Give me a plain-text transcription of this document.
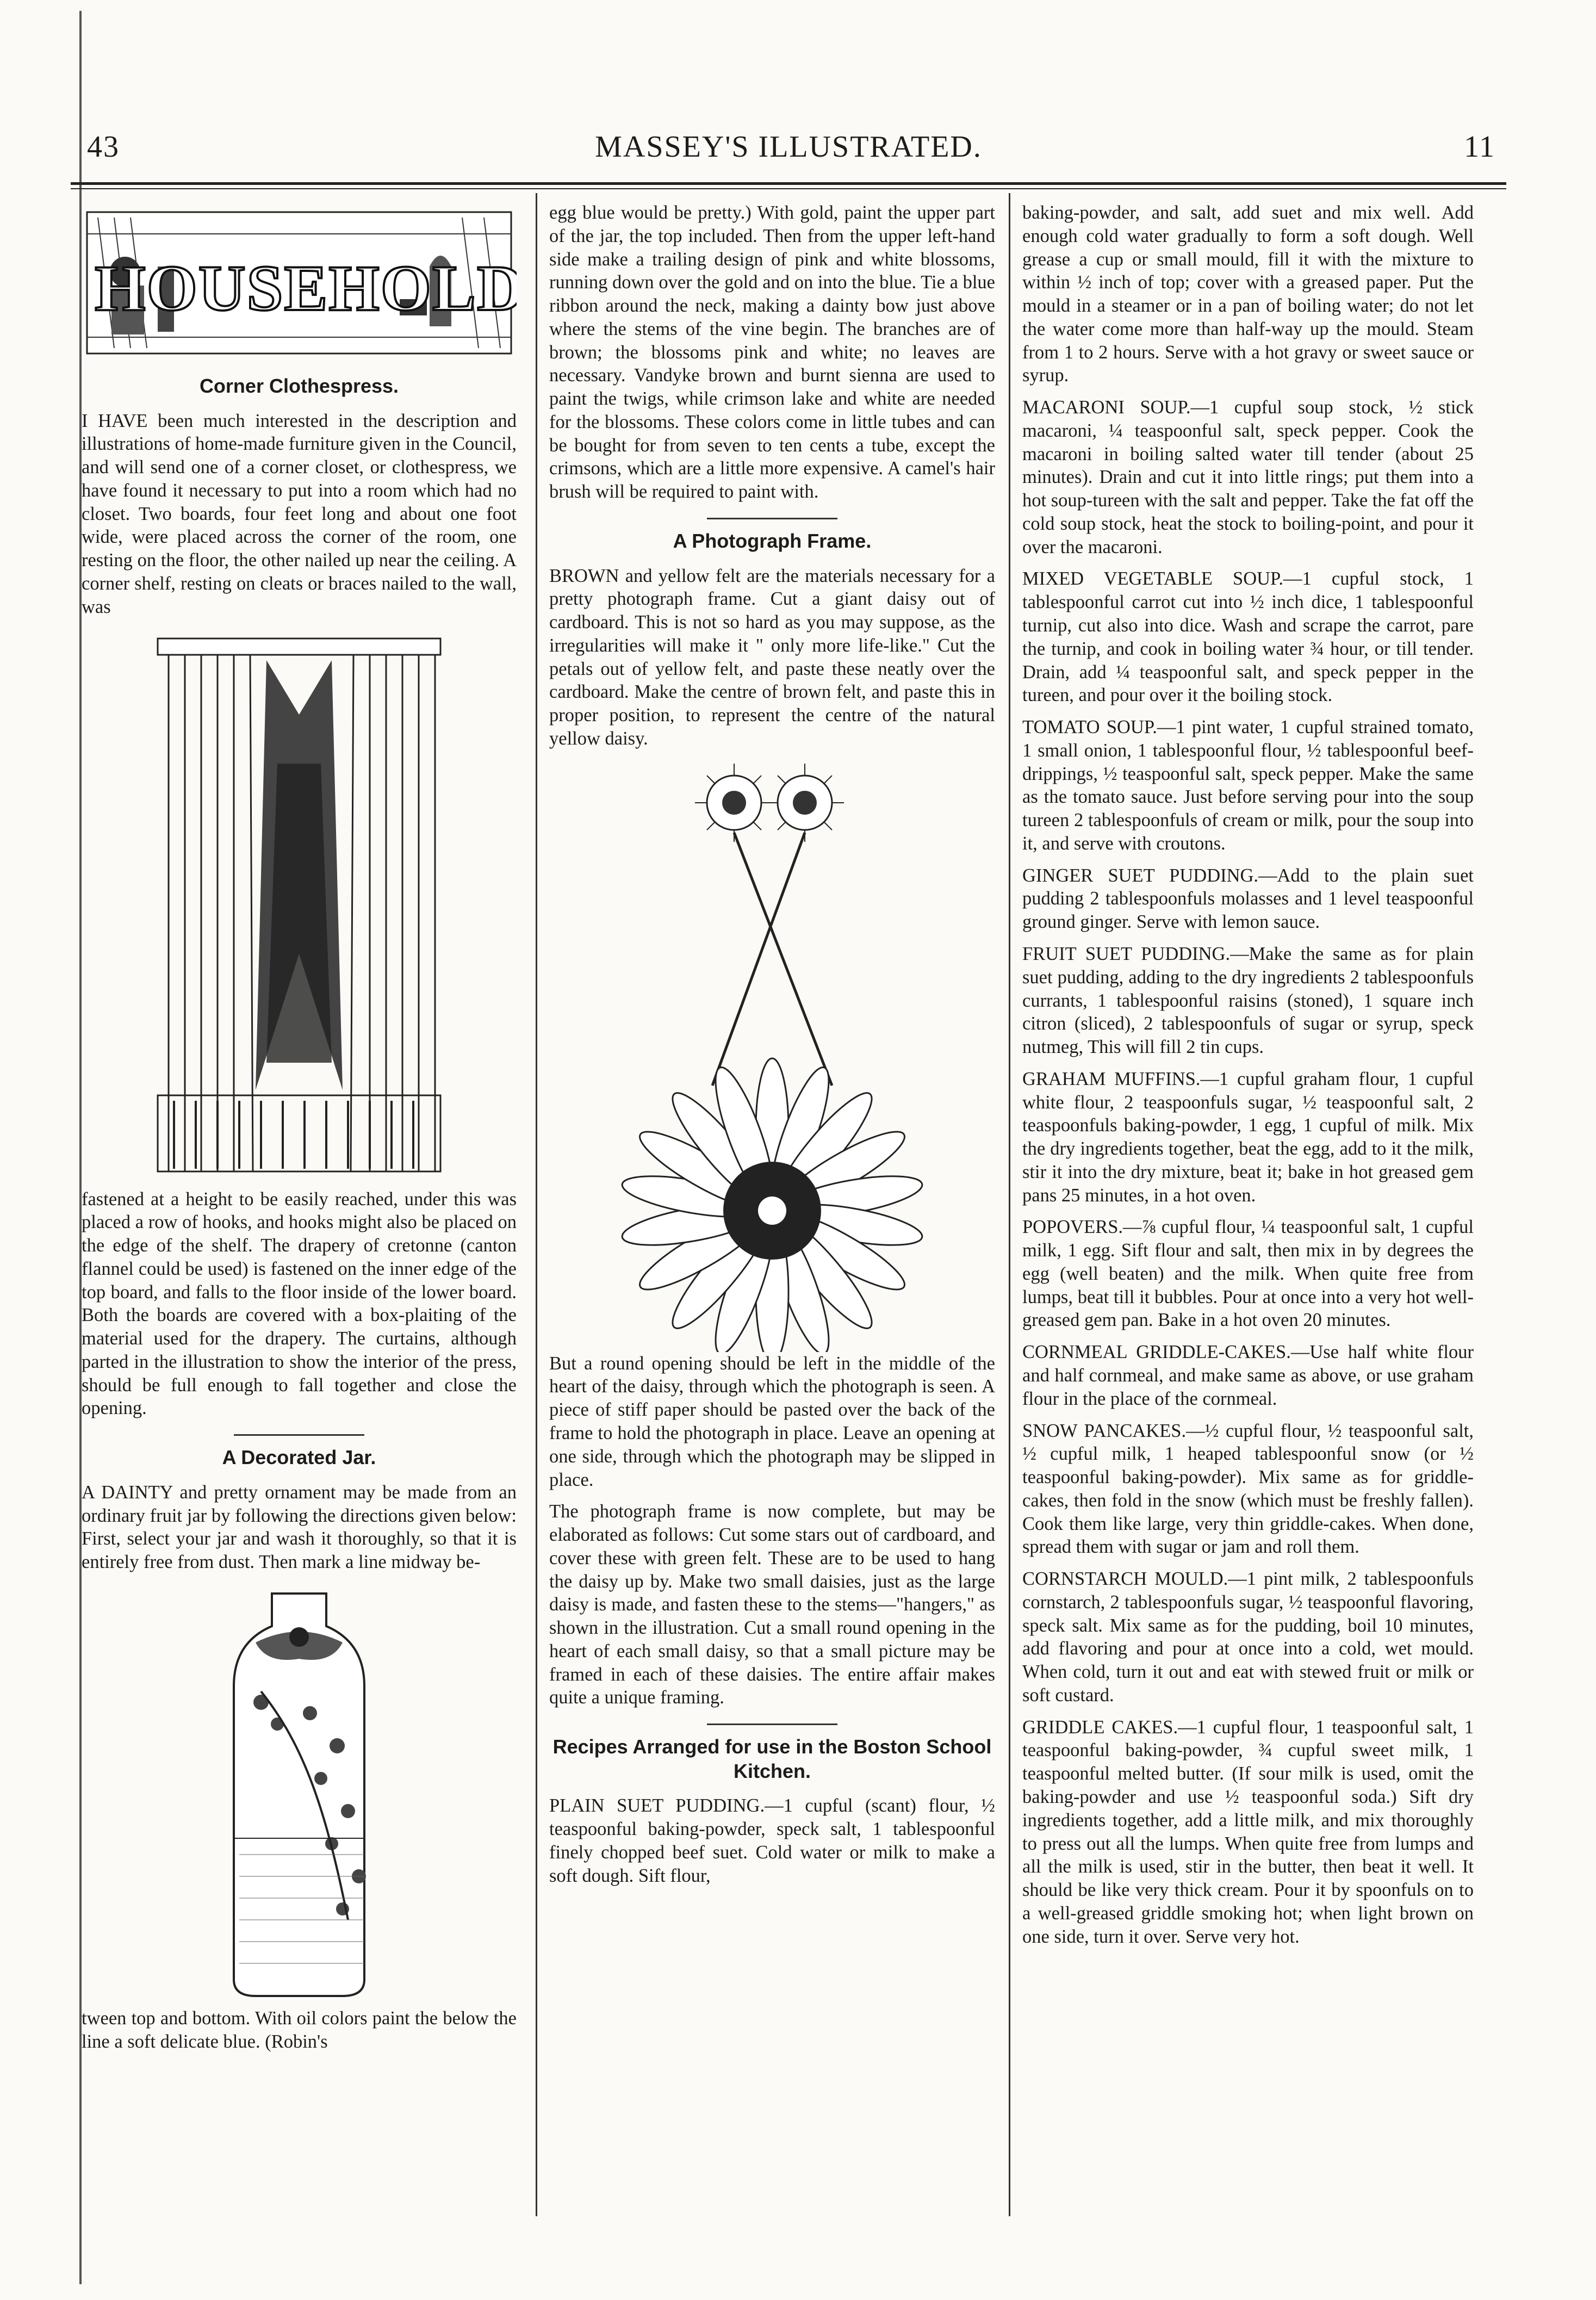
43	MASSEY'S ILLUSTRATED.	11
HOUSEHOLD
Corner Clothespress.

I HAVE been much interested in the description and illustrations of home-made furniture given in the Council, and will send one of a corner closet, or clothespress, we have found it necessary to put into a room which had no closet. Two boards, four feet long and about one foot wide, were placed across the corner of the room, one resting on the floor, the other nailed up near the ceiling. A corner shelf, resting on cleats or braces nailed to the wall, was

fastened at a height to be easily reached, under this was placed a row of hooks, and hooks might also be placed on the edge of the shelf. The drapery of cretonne (canton flannel could be used) is fastened on the inner edge of the top board, and falls to the floor inside of the lower board. Both the boards are covered with a box-plaiting of the material used for the drapery. The curtains, although parted in the illustration to show the interior of the press, should be full enough to fall together and close the opening.

A Decorated Jar.

A DAINTY and pretty ornament may be made from an ordinary fruit jar by following the directions given below: First, select your jar and wash it thoroughly, so that it is entirely free from dust. Then mark a line midway be-

tween top and bottom. With oil colors paint the below the line a soft delicate blue. (Robin's

egg blue would be pretty.) With gold, paint the upper part of the jar, the top included. Then from the upper left-hand side make a trailing design of pink and white blossoms, running down over the gold and on into the blue. Tie a blue ribbon around the neck, making a dainty bow just above where the stems of the vine begin. The branches are of brown; the blossoms pink and white; no leaves are necessary. Vandyke brown and burnt sienna are used to paint the twigs, while crimson lake and white are needed for the blossoms. These colors come in little tubes and can be bought for from seven to ten cents a tube, except the crimsons, which are a little more expensive. A camel's hair brush will be required to paint with.

A Photograph Frame.

BROWN and yellow felt are the materials necessary for a pretty photograph frame. Cut a giant daisy out of cardboard. This is not so hard as you may suppose, as the irregularities will make it " only more life-like." Cut the petals out of yellow felt, and paste these neatly over the cardboard. Make the centre of brown felt, and paste this in proper position, to represent the centre of the natural yellow daisy.

But a round opening should be left in the middle of the heart of the daisy, through which the photograph is seen. A piece of stiff paper should be pasted over the back of the frame to hold the photograph in place. Leave an opening at one side, through which the photograph may be slipped in place.

The photograph frame is now complete, but may be elaborated as follows: Cut some stars out of cardboard, and cover these with green felt. These are to be used to hang the daisy up by. Make two small daisies, just as the large daisy is made, and fasten these to the stems—"hangers," as shown in the illustration. Cut a small round opening in the heart of each small daisy, so that a small picture may be framed in each of these daisies. The entire affair makes quite a unique framing.

Recipes Arranged for use in the Boston School Kitchen.

PLAIN SUET PUDDING.—1 cupful (scant) flour, ½ teaspoonful baking-powder, speck salt, 1 tablespoonful finely chopped beef suet. Cold water or milk to make a soft dough. Sift flour,

baking-powder, and salt, add suet and mix well. Add enough cold water gradually to form a soft dough. Well grease a cup or small mould, fill it with the mixture to within ½ inch of top; cover with a greased paper. Put the mould in a steamer or in a pan of boiling water; do not let the water come more than half-way up the mould. Steam from 1 to 2 hours. Serve with a hot gravy or sweet sauce or syrup.

MACARONI SOUP.—1 cupful soup stock, ½ stick macaroni, ¼ teaspoonful salt, speck pepper. Cook the macaroni in boiling salted water till tender (about 25 minutes). Drain and cut it into little rings; put them into a hot soup-tureen with the salt and pepper. Take the fat off the cold soup stock, heat the stock to boiling-point, and pour it over the macaroni.

MIXED VEGETABLE SOUP.—1 cupful stock, 1 tablespoonful carrot cut into ½ inch dice, 1 tablespoonful turnip, cut also into dice. Wash and scrape the carrot, pare the turnip, and cook in boiling water ¾ hour, or till tender. Drain, add ¼ teaspoonful salt, and speck pepper in the tureen, and pour over it the boiling stock.

TOMATO SOUP.—1 pint water, 1 cupful strained tomato, 1 small onion, 1 tablespoonful flour, ½ tablespoonful beef-drippings, ½ teaspoonful salt, speck pepper. Make the same as the tomato sauce. Just before serving pour into the soup tureen 2 tablespoonfuls of cream or milk, pour the soup into it, and serve with croutons.

GINGER SUET PUDDING.—Add to the plain suet pudding 2 tablespoonfuls molasses and 1 level teaspoonful ground ginger. Serve with lemon sauce.

FRUIT SUET PUDDING.—Make the same as for plain suet pudding, adding to the dry ingredients 2 tablespoonfuls currants, 1 tablespoonful raisins (stoned), 1 square inch citron (sliced), 2 tablespoonfuls of sugar or syrup, speck nutmeg, This will fill 2 tin cups.

GRAHAM MUFFINS.—1 cupful graham flour, 1 cupful white flour, 2 teaspoonfuls sugar, ½ teaspoonful salt, 2 teaspoonfuls baking-powder, 1 egg, 1 cupful of milk. Mix the dry ingredients together, beat the egg, add to it the milk, stir it into the dry mixture, beat it; bake in hot greased gem pans 25 minutes, in a hot oven.

POPOVERS.—⅞ cupful flour, ¼ teaspoonful salt, 1 cupful milk, 1 egg. Sift flour and salt, then mix in by degrees the egg (well beaten) and the milk. When quite free from lumps, beat till it bubbles. Pour at once into a very hot well-greased gem pan. Bake in a hot oven 20 minutes.

CORNMEAL GRIDDLE-CAKES.—Use half white flour and half cornmeal, and make same as above, or use graham flour in the place of the cornmeal.

SNOW PANCAKES.—½ cupful flour, ½ teaspoonful salt, ½ cupful milk, 1 heaped tablespoonful snow (or ½ teaspoonful baking-powder). Mix same as for griddle-cakes, then fold in the snow (which must be freshly fallen). Cook them like large, very thin griddle-cakes. When done, spread them with sugar or jam and roll them.

CORNSTARCH MOULD.—1 pint milk, 2 tablespoonfuls cornstarch, 2 tablespoonfuls sugar, ½ teaspoonful flavoring, speck salt. Mix same as for the pudding, boil 10 minutes, add flavoring and pour at once into a cold, wet mould. When cold, turn it out and eat with stewed fruit or milk or soft custard.

GRIDDLE CAKES.—1 cupful flour, 1 teaspoonful salt, 1 teaspoonful baking-powder, ¾ cupful sweet milk, 1 teaspoonful melted butter. (If sour milk is used, omit the baking-powder and use ½ teaspoonful soda.) Sift dry ingredients together, add a little milk, and mix thoroughly to press out all the lumps. When quite free from lumps and all the milk is used, stir in the butter, then beat it well. It should be like very thick cream. Pour it by spoonfuls on to a well-greased griddle smoking hot; when light brown on one side, turn it over. Serve very hot.
